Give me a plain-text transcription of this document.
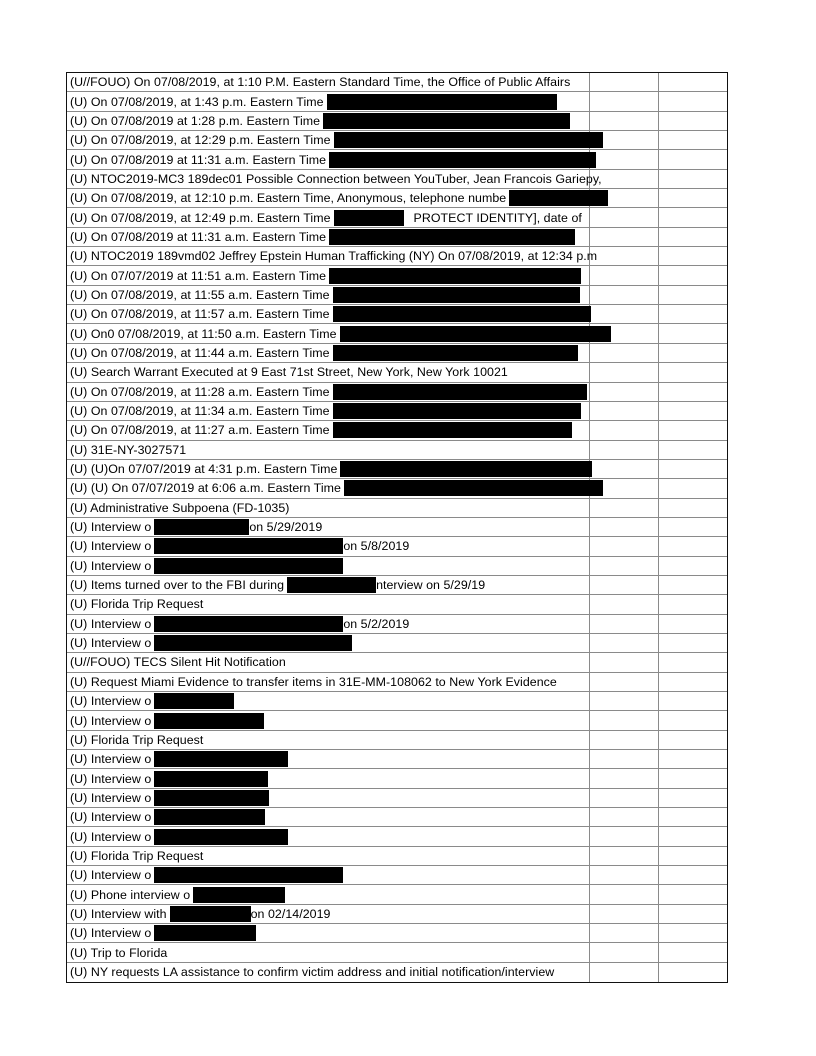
(U//FOUO) On 07/08/2019, at 1:10 P.M. Eastern Standard Time, the Office of Public Affairs
(U) On 07/08/2019, at 1:43 p.m. Eastern Time
(U) On 07/08/2019 at 1:28 p.m. Eastern Time
(U) On 07/08/2019, at 12:29 p.m. Eastern Time
(U) On 07/08/2019 at 11:31 a.m. Eastern Time
(U) NTOC2019-MC3 189dec01 Possible Connection between YouTuber, Jean Francois Gariepy,
(U) On 07/08/2019, at 12:10 p.m. Eastern Time, Anonymous, telephone numbe
(U) On 07/08/2019, at 12:49 p.m. Eastern Time	PROTECT IDENTITY], date of
(U) On 07/08/2019 at 11:31 a.m. Eastern Time
(U) NTOC2019 189vmd02 Jeffrey Epstein Human Trafficking (NY) On 07/08/2019, at 12:34 p.m
(U) On 07/07/2019 at 11:51 a.m. Eastern Time
(U) On 07/08/2019, at 11:55 a.m. Eastern Time
(U) On 07/08/2019, at 11:57 a.m. Eastern Time
(U) On0 07/08/2019, at 11:50 a.m. Eastern Time
(U) On 07/08/2019, at 11:44 a.m. Eastern Time
(U) Search Warrant Executed at 9 East 71st Street, New York, New York 10021
(U) On 07/08/2019, at 11:28 a.m. Eastern Time
(U) On 07/08/2019, at 11:34 a.m. Eastern Time
(U) On 07/08/2019, at 11:27 a.m. Eastern Time
(U) 31E-NY-3027571
(U) (U)On 07/07/2019 at 4:31 p.m. Eastern Time
(U) (U) On 07/07/2019 at 6:06 a.m. Eastern Time
(U) Administrative Subpoena (FD-1035)
(U) Interview o	on 5/29/2019
(U) Interview o	on 5/8/2019
(U) Interview o
(U) Items turned over to the FBI during	nterview on 5/29/19
(U) Florida Trip Request
(U) Interview o	on 5/2/2019
(U) Interview o
(U//FOUO) TECS Silent Hit Notification
(U) Request Miami Evidence to transfer items in 31E-MM-108062 to New York Evidence
(U) Interview o
(U) Interview o
(U) Florida Trip Request
(U) Interview o
(U) Interview o
(U) Interview o
(U) Interview o
(U) Interview o
(U) Florida Trip Request
(U) Interview o
(U) Phone interview o
(U) Interview with	on 02/14/2019
(U) Interview o
(U) Trip to Florida
(U) NY requests LA assistance to confirm victim address and initial notification/interview
